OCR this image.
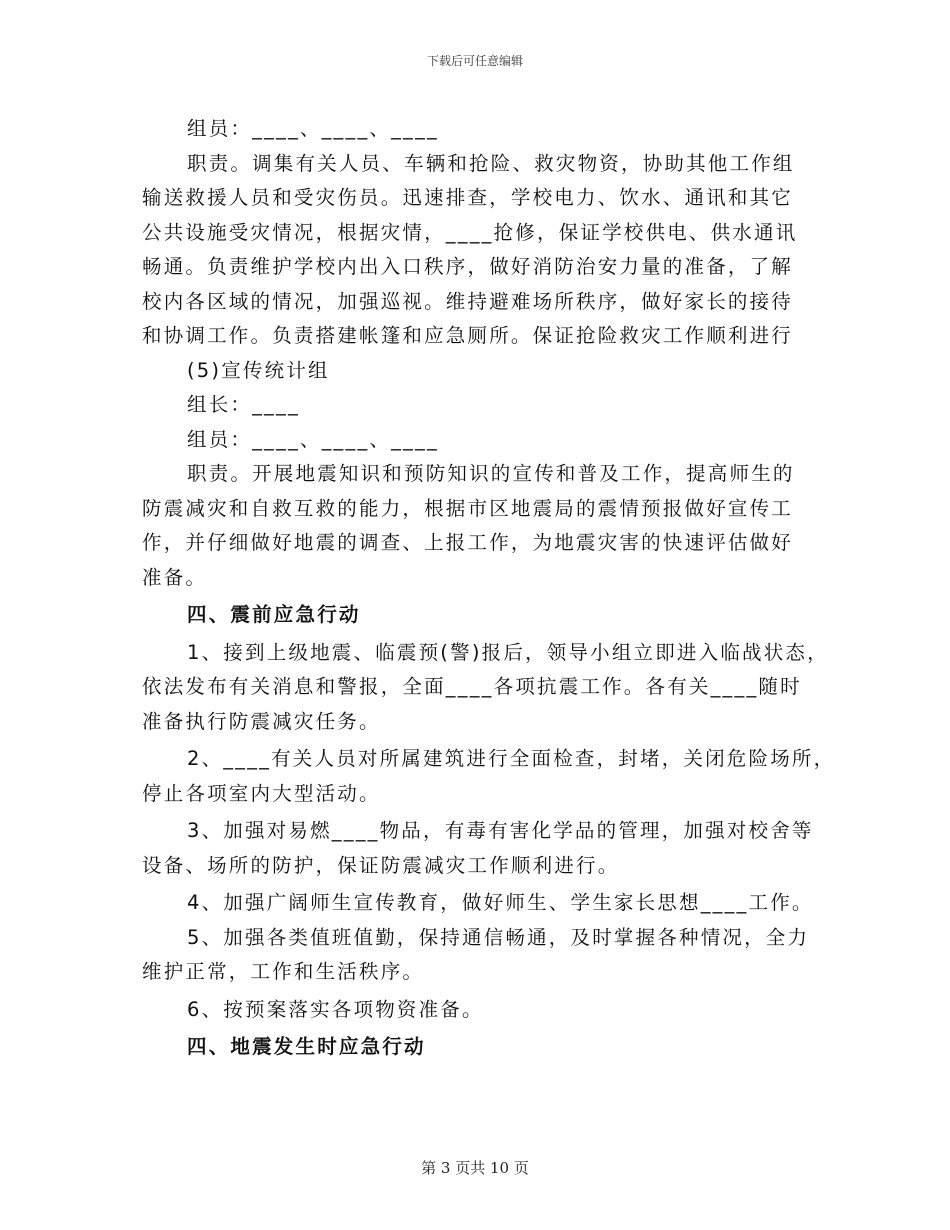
下载后可任意编辑
组员：____、____、____
职责。调集有关人员、车辆和抢险、救灾物资，协助其他工作组
输送救援人员和受灾伤员。迅速排查，学校电力、饮水、通讯和其它
公共设施受灾情况，根据灾情，____抢修，保证学校供电、供水通讯
畅通。负责维护学校内出入口秩序，做好消防治安力量的准备，了解
校内各区域的情况，加强巡视。维持避难场所秩序，做好家长的接待
和协调工作。负责搭建帐篷和应急厕所。保证抢险救灾工作顺利进行
(5)宣传统计组
组长：____
组员：____、____、____
职责。开展地震知识和预防知识的宣传和普及工作，提高师生的
防震减灾和自救互救的能力，根据市区地震局的震情预报做好宣传工
作，并仔细做好地震的调查、上报工作，为地震灾害的快速评估做好
准备。
四、震前应急行动
1、接到上级地震、临震预(警)报后，领导小组立即进入临战状态，
依法发布有关消息和警报，全面____各项抗震工作。各有关____随时
准备执行防震减灾任务。
2、____有关人员对所属建筑进行全面检查，封堵，关闭危险场所，
停止各项室内大型活动。
3、加强对易燃____物品，有毒有害化学品的管理，加强对校舍等
设备、场所的防护，保证防震减灾工作顺利进行。
4、加强广阔师生宣传教育，做好师生、学生家长思想____工作。
5、加强各类值班值勤，保持通信畅通，及时掌握各种情况，全力
维护正常，工作和生活秩序。
6、按预案落实各项物资准备。
四、地震发生时应急行动
第 3 页共 10 页
